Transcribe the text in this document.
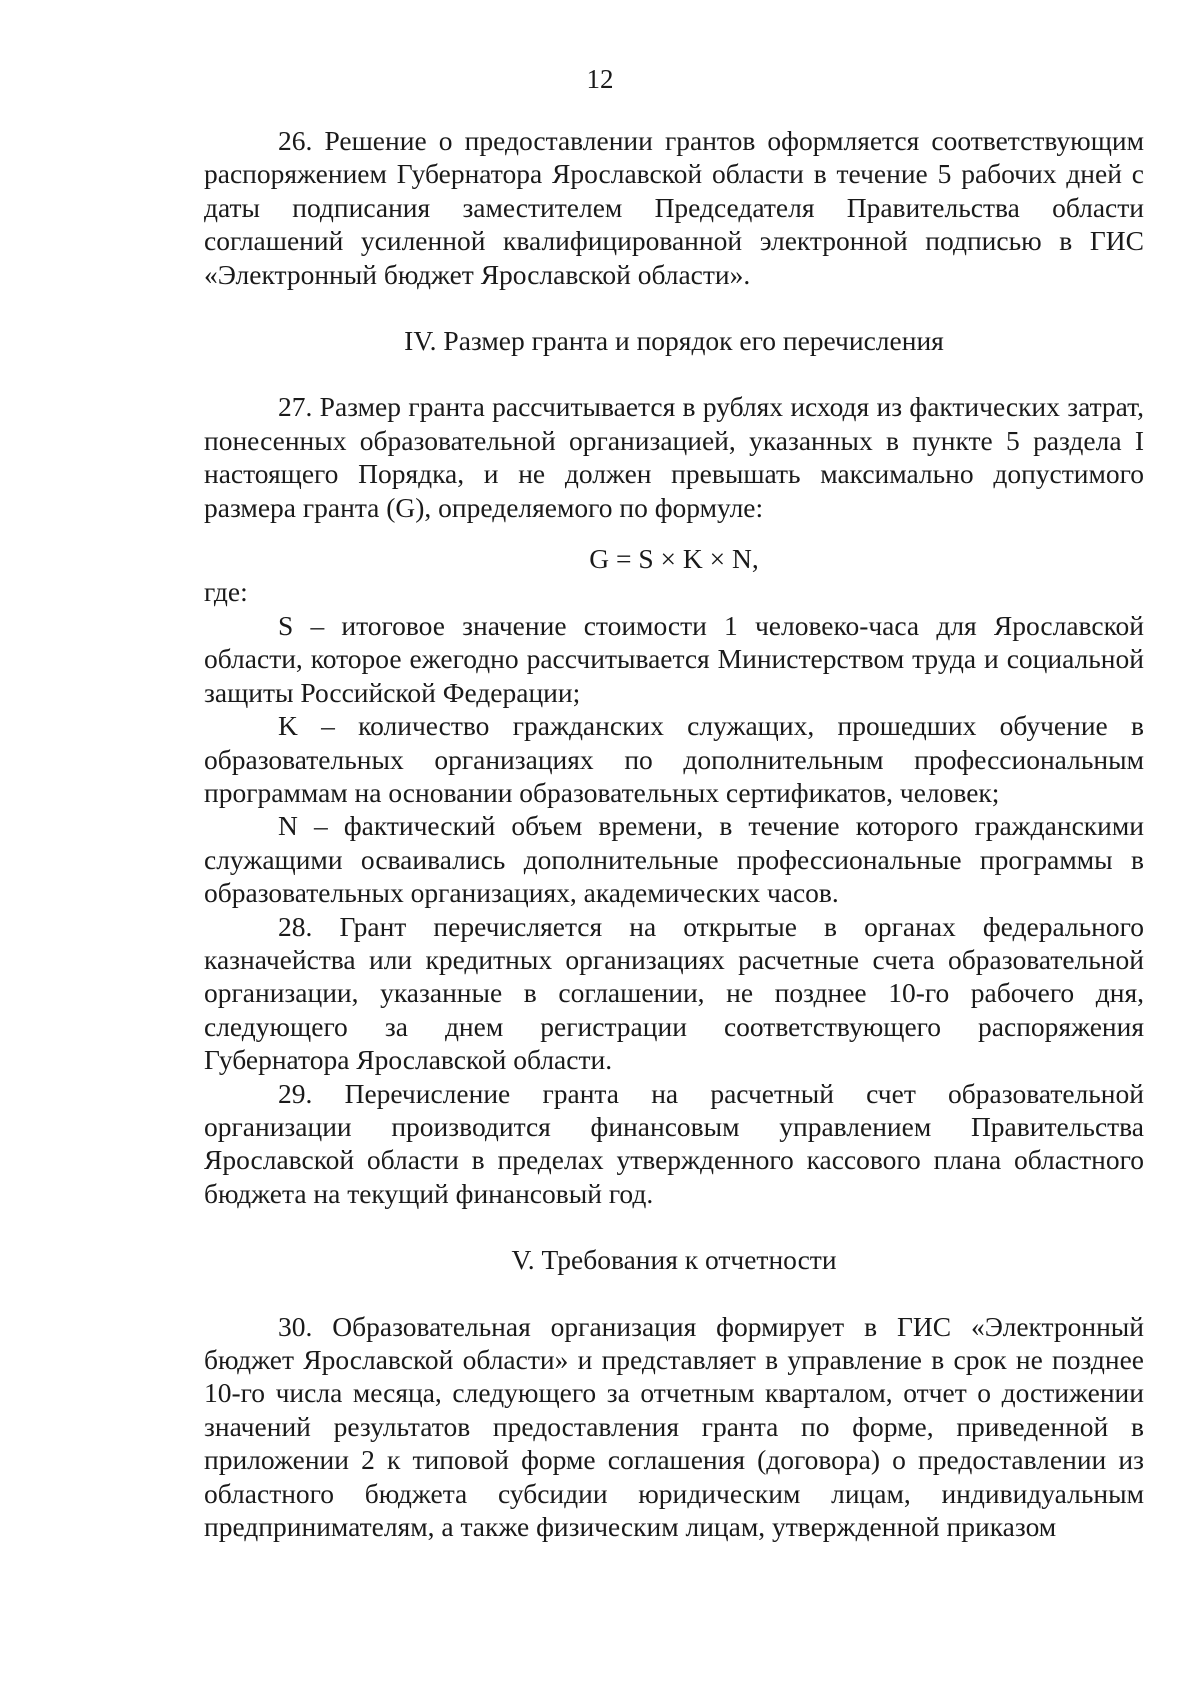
12

26. Решение о предоставлении грантов оформляется соответствующим распоряжением Губернатора Ярославской области в течение 5 рабочих дней с даты подписания заместителем Председателя Правительства области соглашений усиленной квалифицированной электронной подписью в ГИС «Электронный бюджет Ярославской области».

IV. Размер гранта и порядок его перечисления

27. Размер гранта рассчитывается в рублях исходя из фактических затрат, понесенных образовательной организацией, указанных в пункте 5 раздела I настоящего Порядка, и не должен превышать максимально допустимого размера гранта (G), определяемого по формуле:

G = S × K × N,

где:

S – итоговое значение стоимости 1 человеко-часа для Ярославской области, которое ежегодно рассчитывается Министерством труда и социальной защиты Российской Федерации;

K – количество гражданских служащих, прошедших обучение в образовательных организациях по дополнительным профессиональным программам на основании образовательных сертификатов, человек;

N – фактический объем времени, в течение которого гражданскими служащими осваивались дополнительные профессиональные программы в образовательных организациях, академических часов.

28. Грант перечисляется на открытые в органах федерального казначейства или кредитных организациях расчетные счета образовательной организации, указанные в соглашении, не позднее 10-го рабочего дня, следующего за днем регистрации соответствующего распоряжения Губернатора Ярославской области.

29. Перечисление гранта на расчетный счет образовательной организации производится финансовым управлением Правительства Ярославской области в пределах утвержденного кассового плана областного бюджета на текущий финансовый год.

V. Требования к отчетности

30. Образовательная организация формирует в ГИС «Электронный бюджет Ярославской области» и представляет в управление в срок не позднее 10-го числа месяца, следующего за отчетным кварталом, отчет о достижении значений результатов предоставления гранта по форме, приведенной в приложении 2 к типовой форме соглашения (договора) о предоставлении из областного бюджета субсидии юридическим лицам, индивидуальным предпринимателям, а также физическим лицам, утвержденной приказом
